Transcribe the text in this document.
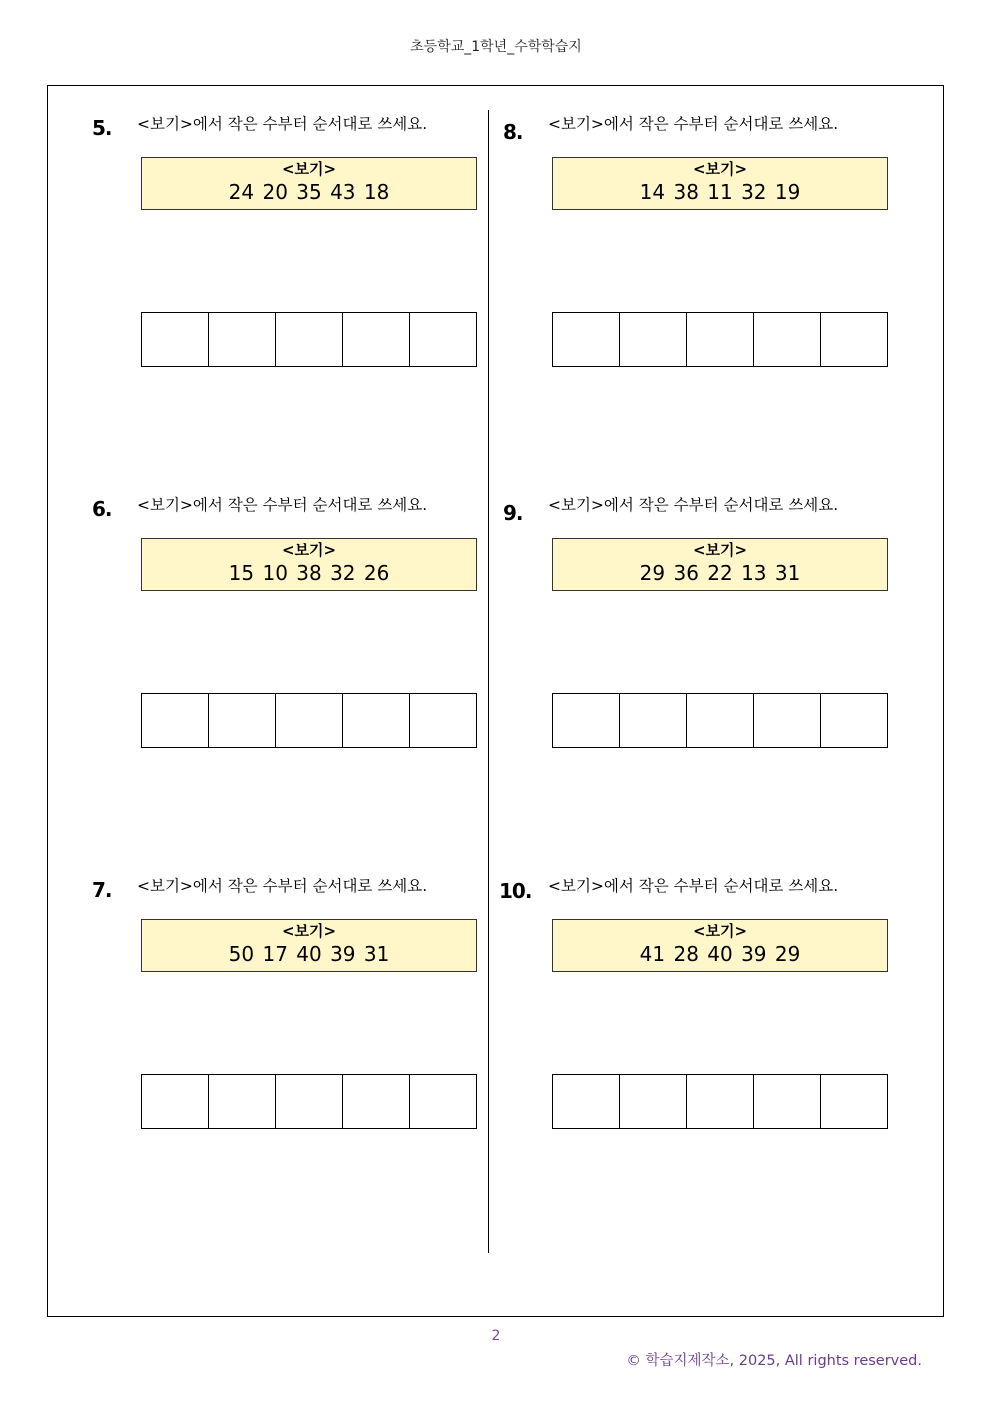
초등학교_1학년_수학학습지
5.	<보기>에서 작은 수부터 순서대로 쓰세요.
<보기>
24 20 35 43 18
6.	<보기>에서 작은 수부터 순서대로 쓰세요.
<보기>
15 10 38 32 26
7.	<보기>에서 작은 수부터 순서대로 쓰세요.
<보기>
50 17 40 39 31
8.	<보기>에서 작은 수부터 순서대로 쓰세요.
<보기>
14 38 11 32 19
9.	<보기>에서 작은 수부터 순서대로 쓰세요.
<보기>
29 36 22 13 31
10.	<보기>에서 작은 수부터 순서대로 쓰세요.
<보기>
41 28 40 39 29
2
© 학습지제작소, 2025, All rights reserved.
